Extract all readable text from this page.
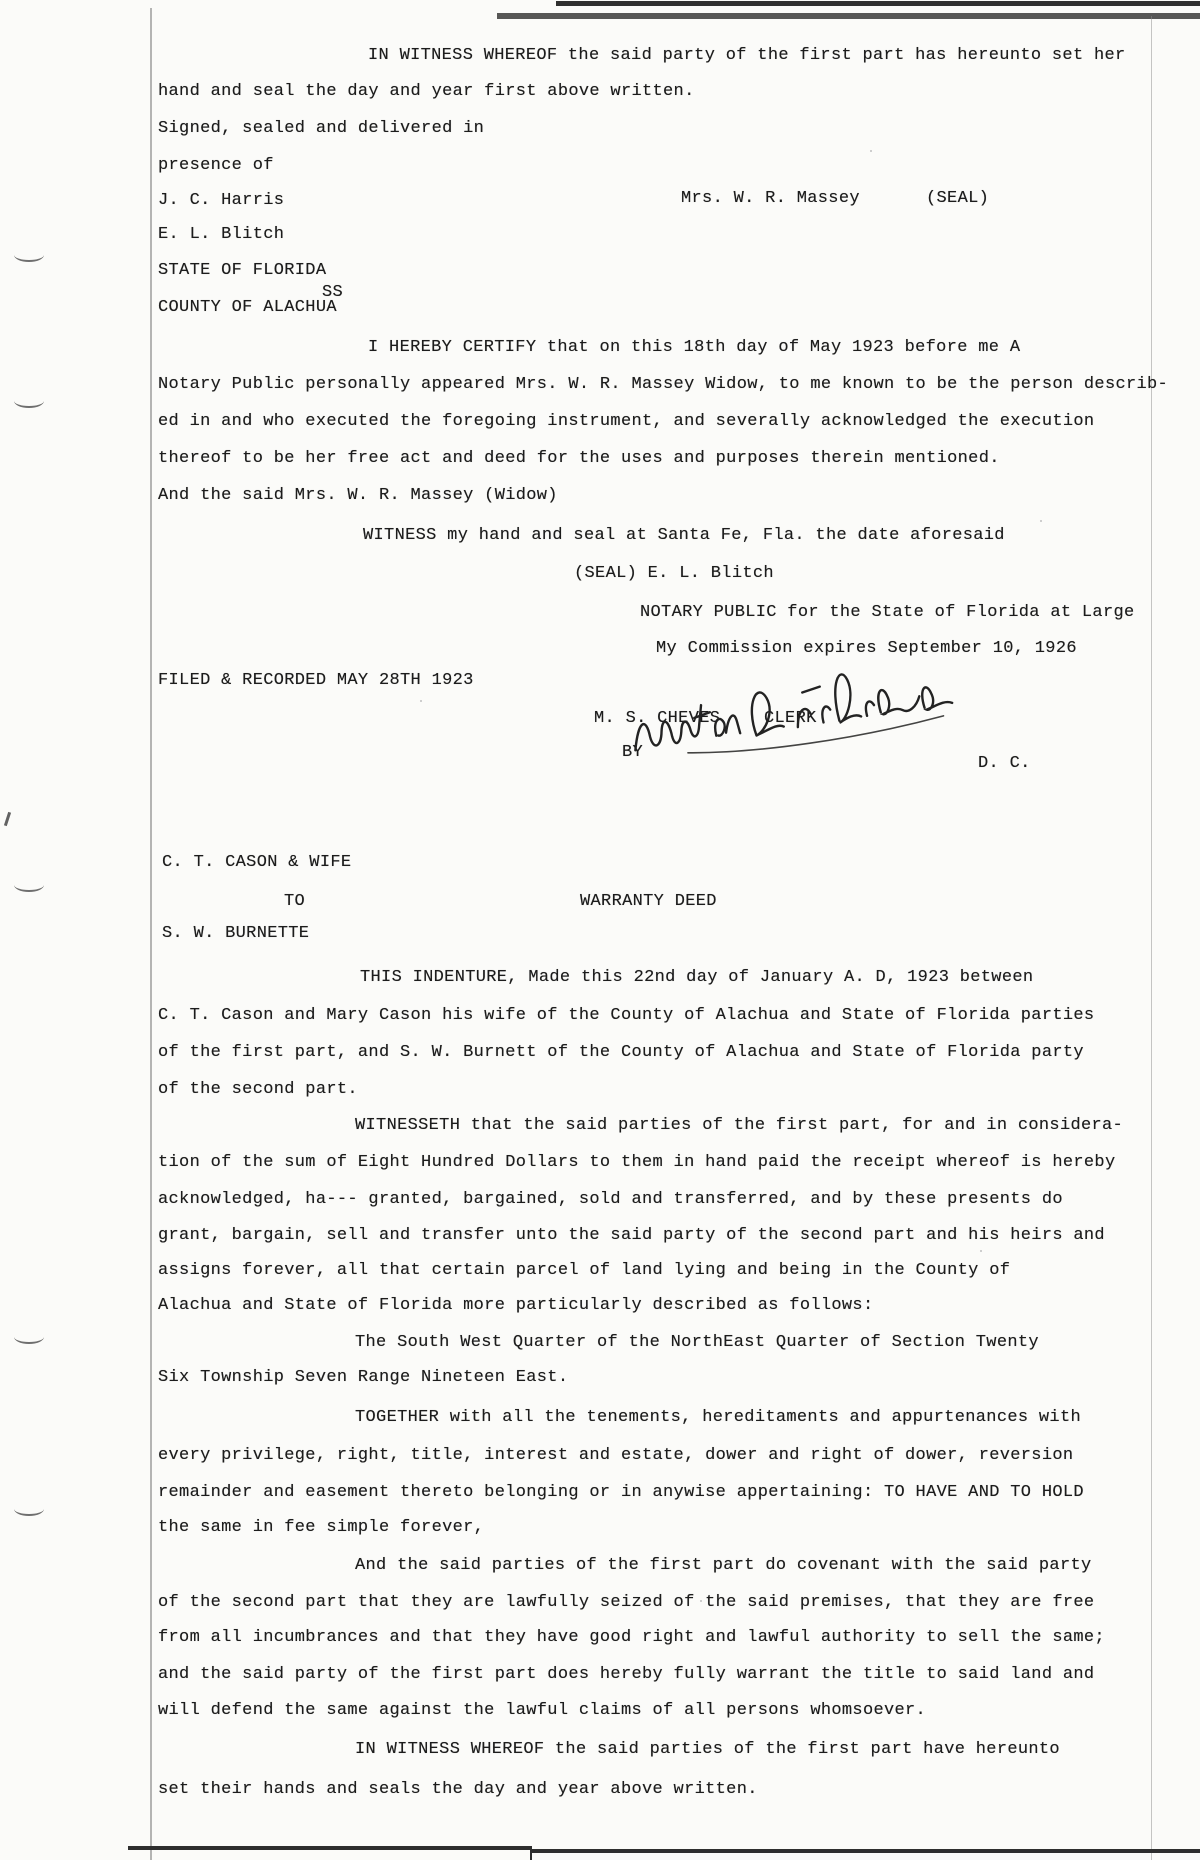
IN WITNESS WHEREOF the said party of the first part has hereunto set her
hand and seal the day and year first above written.
Signed, sealed and delivered in
presence of
J. C. Harris	Mrs. W. R. Massey	(SEAL)
E. L. Blitch
STATE OF FLORIDA
SS
COUNTY OF ALACHUA
I HEREBY CERTIFY that on this 18th day of May 1923 before me A
Notary Public personally appeared Mrs. W. R. Massey Widow, to me known to be the person describ-
ed in and who executed the foregoing instrument, and severally acknowledged the execution
thereof to be her free act and deed for the uses and purposes therein mentioned.
And the said Mrs. W. R. Massey (Widow)
WITNESS my hand and seal at Santa Fe, Fla. the date aforesaid
(SEAL) E. L. Blitch
NOTARY PUBLIC for the State of Florida at Large
My Commission expires September 10, 1926
FILED & RECORDED MAY 28TH 1923
M. S. CHEVES	CLERK
BY
D. C.
C. T. CASON & WIFE
TO	WARRANTY DEED
S. W. BURNETTE
THIS INDENTURE, Made this 22nd day of January A. D, 1923 between
C. T. Cason and Mary Cason his wife of the County of Alachua and State of Florida parties
of the first part, and S. W. Burnett of the County of Alachua and State of Florida party
of the second part.
WITNESSETH that the said parties of the first part, for and in considera-
tion of the sum of Eight Hundred Dollars to them in hand paid the receipt whereof is hereby
acknowledged, ha--- granted, bargained, sold and transferred, and by these presents do
grant, bargain, sell and transfer unto the said party of the second part and his heirs and
assigns forever, all that certain parcel of land lying and being in the County of
Alachua and State of Florida more particularly described as follows:
The South West Quarter of the NorthEast Quarter of Section Twenty
Six Township Seven Range Nineteen East.
TOGETHER with all the tenements, hereditaments and appurtenances with
every privilege, right, title, interest and estate, dower and right of dower, reversion
remainder and easement thereto belonging or in anywise appertaining: TO HAVE AND TO HOLD
the same in fee simple forever,
And the said parties of the first part do covenant with the said party
of the second part that they are lawfully seized of the said premises, that they are free
from all incumbrances and that they have good right and lawful authority to sell the same;
and the said party of the first part does hereby fully warrant the title to said land and
will defend the same against the lawful claims of all persons whomsoever.
IN WITNESS WHEREOF the said parties of the first part have hereunto
set their hands and seals the day and year above written.
